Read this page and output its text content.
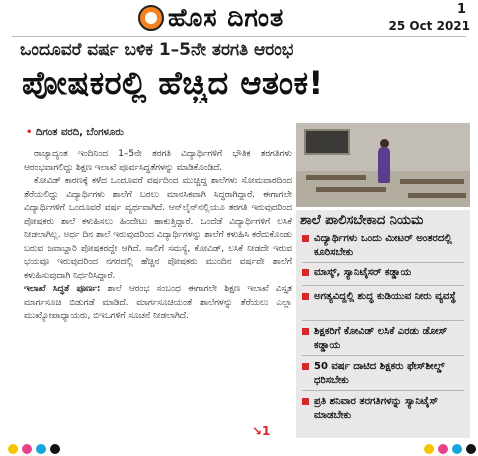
ಹೊಸ ದಿಗಂತ	1
25 Oct 2021
ಒಂದೂವರೆ ವರ್ಷ ಬಳಿಕ 1–5ನೇ ತರಗತಿ ಆರಂಭ
ಪೋಷಕರಲ್ಲಿ ಹೆಚ್ಚಿದ ಆತಂಕ!
• ದಿಗಂತ ವರದಿ, ಬೆಂಗಳೂರು

ರಾಜ್ಯಾದ್ಯಂತ ಇಂದಿನಿಂದ 1–5ನೇ ತರಗತಿ ವಿದ್ಯಾರ್ಥಿಗಳಿಗೆ ಭೌತಿಕ ತರಗತಿಗಳು ಆರಂಭವಾಗಲಿದ್ದು ಶಿಕ್ಷಣ ಇಲಾಖೆ ಪೂರ್ವಸಿದ್ಧತೆಗಳನ್ನು ಮಾಡಿಕೊಂಡಿದೆ.

ಕೋವಿಡ್ ಕಾರಣಕ್ಕೆ ಕಳೆದ ಒಂದೂವರೆ ವರ್ಷದಿಂದ ಮುಚ್ಚಿದ್ದ ಶಾಲೆಗಳು ಸೋಮವಾರದಿಂದ ತೆರೆಯಲಿದ್ದು ವಿದ್ಯಾರ್ಥಿಗಳು ಶಾಲೆಗೆ ಬರಲು ಮಾನಸಿಕವಾಗಿ ಸಿದ್ಧರಾಗಿದ್ದಾರೆ. ಈಗಾಗಲೇ ವಿದ್ಯಾರ್ಥಿಗಳಿಗೆ ಒಂದೂವರೆ ವರ್ಷ ವ್ಯರ್ಥವಾಗಿದೆ. ಆನ್‌ಲೈನ್‌ನಲ್ಲಿಯೂ ತರಗತಿ ಇರುವುದರಿಂದ ಪೋಷಕರು ಶಾಲೆ ಕಳುಹಿಸಲು ಹಿಂದೇಟು ಹಾಕುತ್ತಿದ್ದಾರೆ. ಒಂದೆಡೆ ವಿದ್ಯಾರ್ಥಿಗಳಿಗೆ ಲಸಿಕೆ ನೀಡಲಾಗಿಲ್ಲ. ಅರ್ಧ ದಿನ ಶಾಲೆ ಇರುವುದರಿಂದ ವಿದ್ಯಾರ್ಥಿಗಳನ್ನು ಶಾಲೆಗೆ ಕಳುಹಿಸಿ ಕರೆದುಕೊಂಡು ಬರುವ ಜವಾಬ್ದಾರಿ ಪೋಷಕರದ್ದೇ ಆಗಿದೆ. ಸಾಲಿಗೆ ಸಮಸ್ಯೆ, ಕೋವಿಡ್, ಲಸಿಕೆ ನೀಡದೇ ಇರುವ ಭಯವೂ ಇರುವುದರಿಂದ ನಗರದಲ್ಲಿ ಹೆಚ್ಚಿನ ಪೋಷಕರು ಮುಂದಿನ ವರ್ಷವೇ ಶಾಲೆಗೆ ಕಳುಹಿಸುವುದಾಗಿ ನಿರ್ಧರಿಸಿದ್ದಾರೆ.

ಇಲಾಖೆ ಸಿದ್ಧತೆ ಪೂರ್ಣ: ಶಾಲೆ ಆರಂಭ ಸಂಬಂಧ ಈಗಾಗಲೇ ಶಿಕ್ಷಣ ಇಲಾಖೆ ವಿಸ್ತೃತ ಮಾರ್ಗಸೂಚಿ ಬಿಡುಗಡೆ ಮಾಡಿದೆ. ಮಾರ್ಗಸೂಚಿಯಂತೆ ಶಾಲೆಗಳನ್ನು ತೆರೆಯಲು ಎಲ್ಲಾ ಮುಖ್ಯೋಪಾಧ್ಯಾಯರು, ಬಿಇಒಗಳಿಗೆ ಸೂಚನೆ ನೀಡಲಾಗಿದೆ.

↘1
ಶಾಲೆ ಪಾಲಿಸಬೇಕಾದ ನಿಯಮ
ವಿದ್ಯಾರ್ಥಿಗಳು ಒಂದು ಮೀಟರ್ ಅಂತರದಲ್ಲಿ ಕೂರಿಸಬೇಕು
ಮಾಸ್ಕ್, ಸ್ಯಾನಿಟೈಸರ್ ಕಡ್ಡಾಯ
ಅಗತ್ಯವಿದ್ದಲ್ಲಿ ಶುದ್ಧ ಕುಡಿಯುವ ನೀರು ವ್ಯವಸ್ಥೆ
ಶಿಕ್ಷಕರಿಗೆ ಕೋವಿಡ್ ಲಸಿಕೆ ಎರಡು ಡೋಸ್ ಕಡ್ಡಾಯ
50 ವರ್ಷ ದಾಟಿದ ಶಿಕ್ಷಕರು ಫೇಸ್‌ಶೀಲ್ಡ್ ಧರಿಸಬೇಕು
ಪ್ರತಿ ಶನಿವಾರ ತರಗತಿಗಳನ್ನು ಸ್ಯಾನಿಟೈಸ್ ಮಾಡಬೇಕು
